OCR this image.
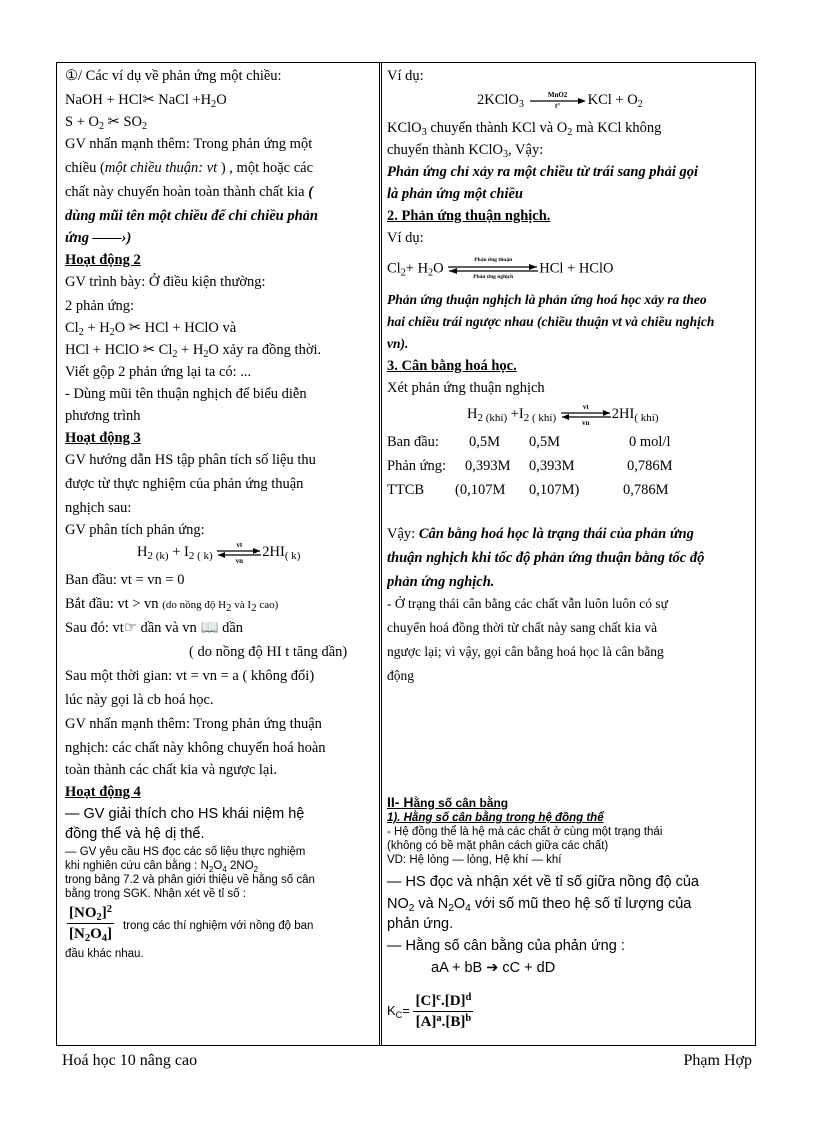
①/ Các ví dụ về phản ứng một chiều:
NaOH + HCl✂ NaCl $+H_2O$
$S + O_2$ ✂ $SO_2$
GV nhấn mạnh thêm: Trong phản ứng một
chiều (một chiều thuận: vt ) , một hoặc các
chất này chuyển hoàn toàn thành chất kia (
dùng mũi tên một chiều để chỉ chiều phản
ứng ——›)
Hoạt động 2
GV trình bày: Ở điều kiện thường:
2 phản ứng:
$Cl_2 + H_2O$ ✂ HCl + HClO và
HCl + HClO ✂ $Cl_2 + H_2O$ xảy ra đồng thời.
Viết gộp 2 phản ứng lại ta có: ...
- Dùng mũi tên thuận nghịch để biểu diễn
phương trình
Hoạt động 3
GV hướng dẫn HS tập phân tích số liệu thu
được từ thực nghiệm của phản ứng thuận
nghịch sau:
GV phân tích phản ứng:
$H_{2 (k)} + I_{2 ( k)}$
vt
vn
$2HI_{( k)}$
Ban đầu: vt = vn = 0
Bắt đầu: vt > vn (do nồng độ $H_2$ và $I_2$ cao)
Sau đó: vt☞ dần và vn 📖 dần
( do nồng độ HI t tăng dần)
Sau một thời gian: vt = vn = a ( không đổi)
lúc này gọi là cb hoá học.
GV nhấn mạnh thêm: Trong phản ứng thuận
nghịch: các chất này không chuyển hoá hoàn
toàn thành các chất kia và ngược lại.
Hoạt động 4
— GV giải thích cho HS khái niệm hệ
đồng thể và hệ dị thể.
— GV yêu cầu HS đọc các số liệu thực nghiệm
khi nghiên cứu cân bằng : $N_2O_4$ $2NO_2$
trong bảng 7.2 và phân giới thiệu về hằng số cân
bằng trong SGK. Nhận xét về tỉ số :
$\frac{[NO_2]^2}{[N_2O_4]}$ trong các thí nghiệm với nồng độ ban
đầu khác nhau.
Ví dụ:
2KClO$_3$
MnO2
t°	KCl + $O_2$
KClO$_3$ chuyển thành KCl và $O_2$ mà KCl không
chuyển thành KClO$_3$, Vậy:
Phản ứng chỉ xảy ra một chiều từ trái sang phải gọi
là phản ứng một chiều
2. Phản ứng thuận nghịch.
Ví dụ:
$Cl_2+ H_2O$
Phản ứng thuận
Phản ứng nghịch
HCl + HClO
Phản ứng thuận nghịch là phản ứng hoá học xảy ra theo
hai chiều trái ngược nhau (chiều thuận vt và chiều nghịch
vn).
3. Cân bằng hoá học.
Xét phản ứng thuận nghịch
$H_{2 (khí)} +I_{2 ( khí)}$
vt
vn
$2HI_{( khí)}$
Ban đầu: 0,5M 0,5M	0 mol/l
Phản ứng: 0,393M 0,393M	0,786M
TTCB (0,107M 0,107M)	0,786M
Vậy: Cân bằng hoá học là trạng thái của phản ứng
thuận nghịch khi tốc độ phản ứng thuận bằng tốc độ
phản ứng nghịch.
- Ở trạng thái cân bằng các chất vẫn luôn luôn có sự
chuyển hoá đồng thời từ chất này sang chất kia và
ngược lại; vì vậy, gọi cân bằng hoá học là cân bằng
động
II- Hằng số cân bằng
1). Hằng số cân bằng trong hệ đồng thể
- Hệ đồng thể là hệ mà các chất ở cùng một trạng thái
(không có bề mặt phân cách giữa các chất)
VD: Hệ lỏng — lỏng, Hệ khí — khí
— HS đọc và nhận xét về tỉ số giữa nồng độ của
$NO_2$ và $N_2O_4$ với số mũ theo hệ số tỉ lượng của
phản ứng.
— Hằng số cân bằng của phản ứng :
aA + bB ➔ cC + dD
$K_C= \frac{[C]^c.[D]^d}{[A]^a.[B]^b}$
Hoá học 10 nâng cao	Phạm Hợp
